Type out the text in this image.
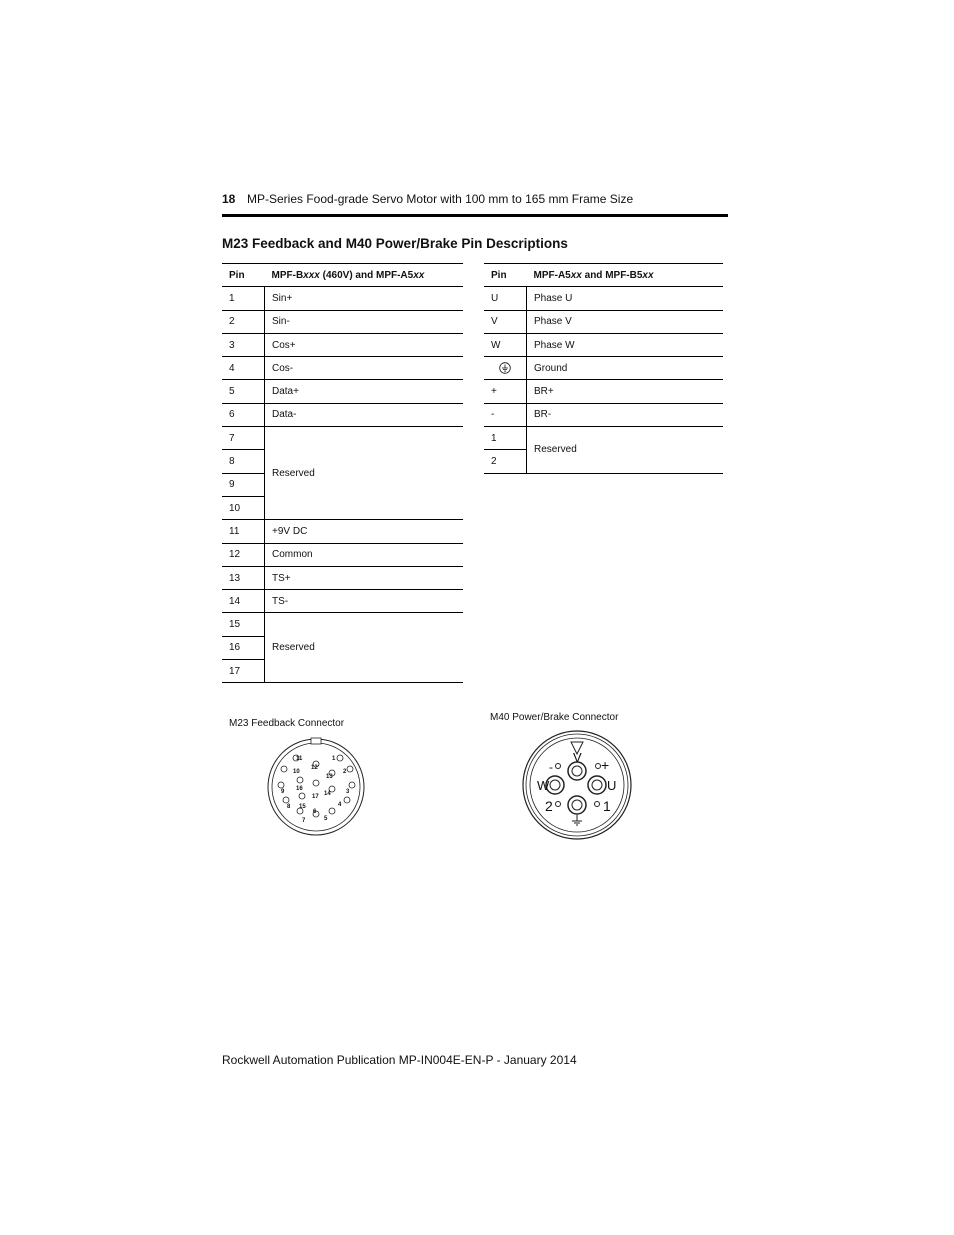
18 MP-Series Food-grade Servo Motor with 100 mm to 165 mm Frame Size
M23 Feedback and M40 Power/Brake Pin Descriptions
Pin	MPF-Bxxx (460V) and MPF-A5xx
1	Sin+
2	Sin-
3	Cos+
4	Cos-
5	Data+
6	Data-
7	Reserved
8	
9	
10	
11	+9V DC
12	Common
13	TS+
14	TS-
15	Reserved
16	
17	
Pin	MPF-A5xx and MPF-B5xx
U	Phase U
V	Phase V
W	Phase W
	Ground
+	BR+
-	BR-
1	Reserved
2	
M23 Feedback Connector
M40 Power/Brake Connector
1
2
3
4
5
6
7
8
9
10
11
12
13
14
15
16
17
V
W	U
2	1
+
-
Rockwell Automation Publication MP-IN004E-EN-P - January 2014
